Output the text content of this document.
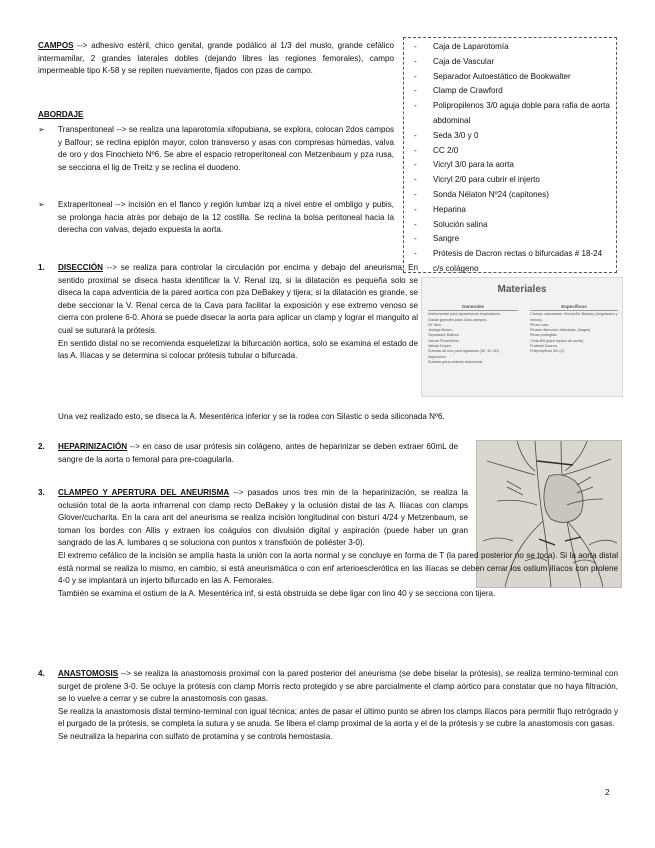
CAMPOS --> adhesivo estéril, chico genital, grande podálico al 1/3 del muslo, grande cefálico intermamilar, 2 grandes laterales dobles (dejando libres las regiones femorales), campo impermeable tipo K-58 y se repiten nuevamente, fijados con pzas de campo.
ABORDAJE
➢ Transperitoneal --> se realiza una laparotomía xifopubiana, se explora, colocan 2dos campos y Balfour; se reclina epiplón mayor, colon transverso y asas con compresas húmedas, valva de oro y dos Finochieto Nº6. Se abre el espacio retroperitoneal con Metzenbaum y pza rusa, se secciona el lig de Treitz y se reclina el duodeno.
➢ Extraperitoneal --> incisión en el flanco y región lumbar izq a nivel entre el ombligo y pubis, se prolonga hacia atrás por debajo de la 12 costilla. Se reclina la bolsa peritoneal hacia la derecha con valvas, dejado expuesta la aorta.
- Caja de Laparotomía
- Caja de Vascular
- Separador Autoestático de Bookwalter
- Clamp de Crawford
- Polipropilenos 3/0 aguja doble para rafia de aorta abdominal
- Seda 3/0 y 0
- CC 2/0
- Vicryl 3/0 para la aorta
- Vicryl 2/0 para cubrir el injerto
- Sonda Nélaton Nº24 (capitones)
- Heparina
- Solución salina
- Sangre
- Prótesis de Dacron rectas o bifurcadas # 18-24 c/s colágeno
Materiales
Generales
Instrumental para laparotomía exploradora.
Gasas grandes para 2dos campos.
SF tibio.
Jeringa Boneu.
Separador Balfour.
Valvas Finochietto.
Valvas Doyen.
Suturas de lino para ligaduras (30, 40, 60)
Aspiracion.
Suturas para síntesis abdominal.
Específicos
Clamps vasculares: Morris/De Backey (Angulados y rectos).
Pinza rusa.
Pinzas disección delicadas. (largas)
Pinza protegida.
Cinta BB (para reparo de aorta)
Protesis Dacron.
Polipropileno 3/0 (2)
1. DISECCIÓN --> se realiza para controlar la circulación por encima y debajo del aneurisma. En sentido proximal se diseca hasta identificar la V. Renal izq, si la dilatación es pequeña solo se diseca la capa adventicia de la pared aortica con pza DeBakey y tijera; si la dilatación es grande, se debe seccionar la V. Renal cerca de la Cava para facilitar la exposición y ese extremo venoso se cierra con prolene 6-0. Ahora se puede disecar la aorta para aplicar un clamp y lograr el manguito al cual se suturará la prótesis.
En sentido distal no se recomienda esqueletizar la bifurcación aortica, solo se examina el estado de las A. Ilíacas y se determina si colocar prótesis tubular o bifurcada.
Una vez realizado esto, se diseca la A. Mesentérica inferior y se la rodea con Silastic o seda siliconada Nº6.
2. HEPARINIZACIÓN --> en caso de usar prótesis sin colágeno, antes de heparinizar se deben extraer 60mL de sangre de la aorta o femoral para pre-coagularla.
3. CLAMPEO Y APERTURA DEL ANEURISMA --> pasados unos tres min de la heparinización, se realiza la oclusión total de la aorta infrarrenal con clamp recto DeBakey y la oclusión distal de las A. Ilíacas con clamps Glover/cucharita. En la cara ant del aneurisma se realiza incisión longitudinal con bisturí 4/24 y Metzenbaum, se toman los bordes con Allis y extraen los coágulos con divulsión digital y aspiración (puede haber un gran sangrado de las A. lumbares q se soluciona con puntos x transfixión de poliéster 3-0).
El extremo cefálico de la incisión se amplía hasta la unión con la aorta normal y se concluye en forma de T (la pared posterior no se toca). Si la aorta distal está normal se realiza lo mismo, en cambio, si está aneurismática o con enf arterioesclerótica en las ilíacas se deben cerrar los ostium ilíacos con prolene 4-0 y se implantará un injerto bifurcado en las A. Femorales.
También se examina el ostium de la A. Mesentérica inf, si está obstruida se debe ligar con lino 40 y se secciona con tijera.
4. ANASTOMOSIS --> se realiza la anastomosis proximal con la pared posterior del aneurisma (se debe biselar la prótesis), se realiza termino-terminal con surget de prolene 3-0. Se ocluye la prótesis con clamp Morris recto protegido y se abre parcialmente el clamp aórtico para constatar que no haya filtración, se lo vuelve a cerrar y se cubre la anastomosis con gasas.
Se realiza la anastomosis distal termino-terminal con igual técnica; antes de pasar el último punto se abren los clamps ilíacos para permitir flujo retrógrado y el purgado de la prótesis, se completa la sutura y se anuda. Se libera el clamp proximal de la aorta y el de la prótesis y se cubre la anastomosis con gasas.
Se neutraliza la heparina con sulfato de protamina y se controla hemostasia.
2
